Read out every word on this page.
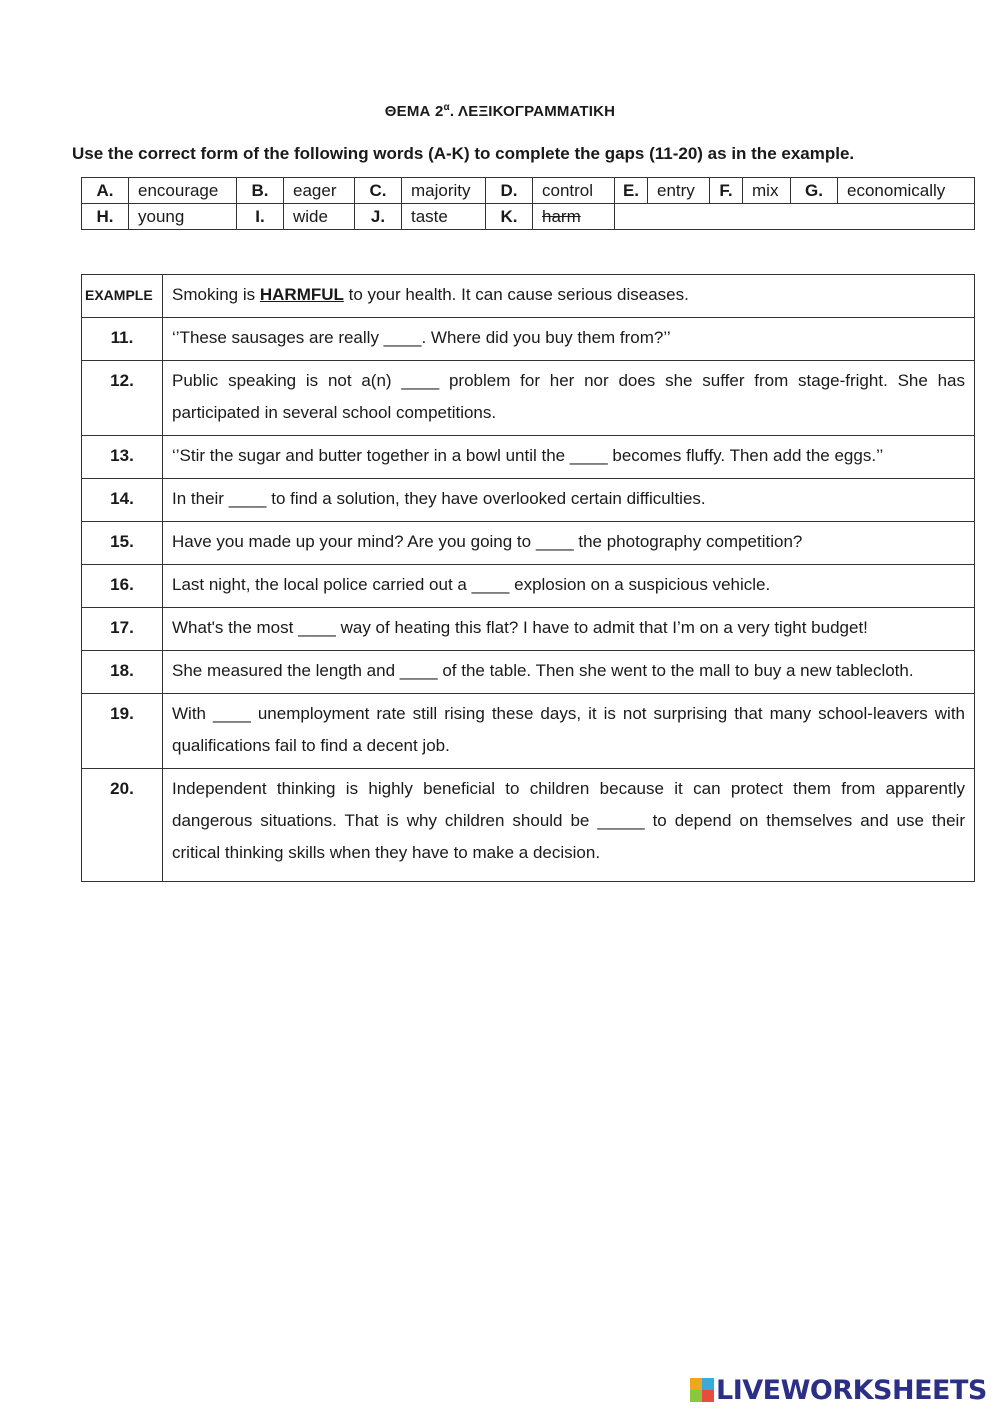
ΘΕΜΑ $2^\alpha$. ΛΕΞΙΚΟΓΡΑΜΜΑΤΙΚΗ
Use the correct form of the following words (A-K) to complete the gaps (11-20) as in the example.
A.	encourage	B.	eager	C.	majority	D.	control	E.	entry	F.	mix	G.	economically
H.	young	I.	wide	J.	taste	K.	harm						
EXAMPLE	Smoking is HARMFUL to your health. It can cause serious diseases.
11.	‘’These sausages are really ____. Where did you buy them from?’’
12.	Public speaking is not a(n) ____ problem for her nor does she suffer from stage-fright. She has participated in several school competitions.
13.	‘’Stir the sugar and butter together in a bowl until the ____ becomes fluffy. Then add the eggs.’’
14.	In their ____ to find a solution, they have overlooked certain difficulties.
15.	Have you made up your mind? Are you going to ____ the photography competition?
16.	Last night, the local police carried out a ____ explosion on a suspicious vehicle.
17.	What's the most ____ way of heating this flat? I have to admit that I’m on a very tight budget!
18.	She measured the length and ____ of the table. Then she went to the mall to buy a new tablecloth.
19.	With ____ unemployment rate still rising these days, it is not surprising that many school-leavers with qualifications fail to find a decent job.
20.	Independent thinking is highly beneficial to children because it can protect them from apparently dangerous situations. That is why children should be _____ to depend on themselves and use their critical thinking skills when they have to make a decision.
LIVEWORKSHEETS
